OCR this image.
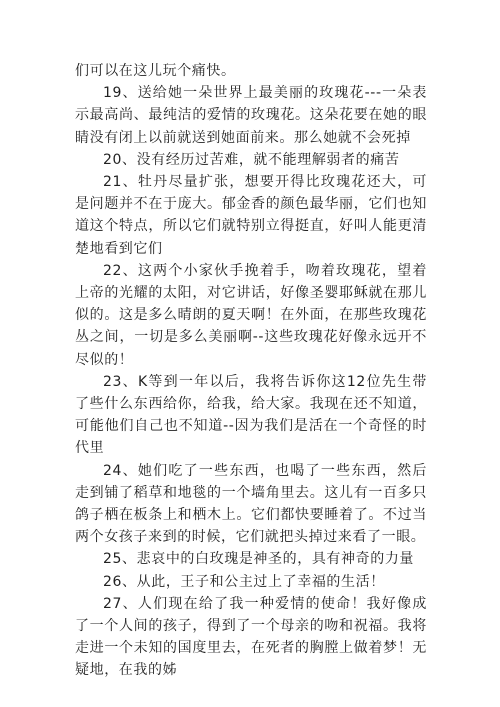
们可以在这儿玩个痛快。

19、送给她一朵世界上最美丽的玫瑰花---一朵表示最高尚、最纯洁的爱情的玫瑰花。这朵花要在她的眼睛没有闭上以前就送到她面前来。那么她就不会死掉

20、没有经历过苦难，就不能理解弱者的痛苦

21、牡丹尽量扩张，想要开得比玫瑰花还大，可是问题并不在于庞大。郁金香的颜色最华丽，它们也知道这个特点，所以它们就特别立得挺直，好叫人能更清楚地看到它们

22、这两个小家伙手挽着手，吻着玫瑰花，望着上帝的光耀的太阳，对它讲话，好像圣婴耶稣就在那儿似的。这是多么晴朗的夏天啊！在外面，在那些玫瑰花丛之间，一切是多么美丽啊--这些玫瑰花好像永远开不尽似的！

23、K等到一年以后，我将告诉你这12位先生带了些什么东西给你，给我，给大家。我现在还不知道，可能他们自己也不知道--因为我们是活在一个奇怪的时代里

24、她们吃了一些东西，也喝了一些东西，然后走到铺了稻草和地毯的一个墙角里去。这儿有一百多只鸽子栖在板条上和栖木上。它们都快要睡着了。不过当两个女孩子来到的时候，它们就把头掉过来看了一眼。

25、悲哀中的白玫瑰是神圣的，具有神奇的力量

26、从此，王子和公主过上了幸福的生活！

27、人们现在给了我一种爱情的使命！我好像成了一个人间的孩子，得到了一个母亲的吻和祝福。我将走进一个未知的国度里去，在死者的胸膛上做着梦！无疑地，在我的姊
